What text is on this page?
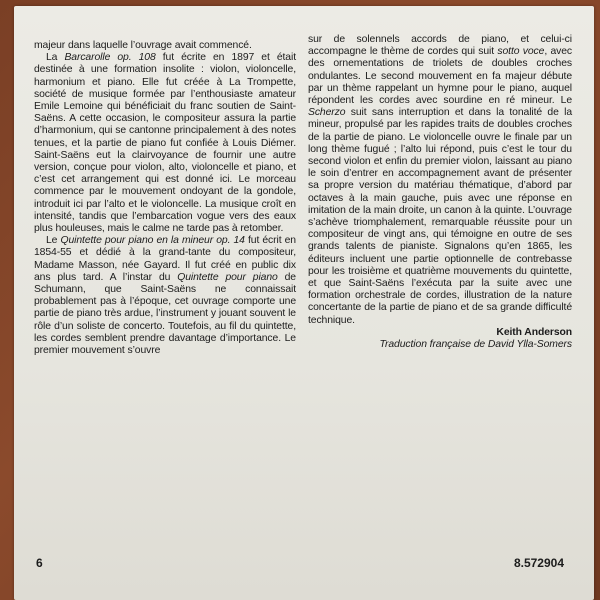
majeur dans laquelle l’ouvrage avait commencé.

La Barcarolle op. 108 fut écrite en 1897 et était destinée à une formation insolite : violon, violoncelle, harmonium et piano. Elle fut créée à La Trompette, société de musique formée par l’enthousiaste amateur Emile Lemoine qui bénéficiait du franc soutien de Saint-Saëns. A cette occasion, le compositeur assura la partie d’harmonium, qui se cantonne principalement à des notes tenues, et la partie de piano fut confiée à Louis Diémer. Saint-Saëns eut la clairvoyance de fournir une autre version, conçue pour violon, alto, violoncelle et piano, et c’est cet arrangement qui est donné ici. Le morceau commence par le mouvement ondoyant de la gondole, introduit ici par l’alto et le violoncelle. La musique croît en intensité, tandis que l’embarcation vogue vers des eaux plus houleuses, mais le calme ne tarde pas à retomber.

Le Quintette pour piano en la mineur op. 14 fut écrit en 1854-55 et dédié à la grand-tante du compositeur, Madame Masson, née Gayard. Il fut créé en public dix ans plus tard. A l’instar du Quintette pour piano de Schumann, que Saint-Saëns ne connaissait probablement pas à l’époque, cet ouvrage comporte une partie de piano très ardue, l’instrument y jouant souvent le rôle d’un soliste de concerto. Toutefois, au fil du quintette, les cordes semblent prendre davantage d’importance. Le premier mouvement s’ouvre

sur de solennels accords de piano, et celui-ci accompagne le thème de cordes qui suit sotto voce, avec des ornementations de triolets de doubles croches ondulantes. Le second mouvement en fa majeur débute par un thème rappelant un hymne pour le piano, auquel répondent les cordes avec sourdine en ré mineur. Le Scherzo suit sans interruption et dans la tonalité de la mineur, propulsé par les rapides traits de doubles croches de la partie de piano. Le violoncelle ouvre le finale par un long thème fugué ; l’alto lui répond, puis c’est le tour du second violon et enfin du premier violon, laissant au piano le soin d’entrer en accompagnement avant de présenter sa propre version du matériau thématique, d’abord par octaves à la main gauche, puis avec une réponse en imitation de la main droite, un canon à la quinte. L’ouvrage s’achève triomphalement, remarquable réussite pour un compositeur de vingt ans, qui témoigne en outre de ses grands talents de pianiste. Signalons qu’en 1865, les éditeurs incluent une partie optionnelle de contrebasse pour les troisième et quatrième mouvements du quintette, et que Saint-Saëns l’exécuta par la suite avec une formation orchestrale de cordes, illustration de la nature concertante de la partie de piano et de sa grande difficulté technique.

Keith Anderson

Traduction française de David Ylla-Somers

6	8.572904
